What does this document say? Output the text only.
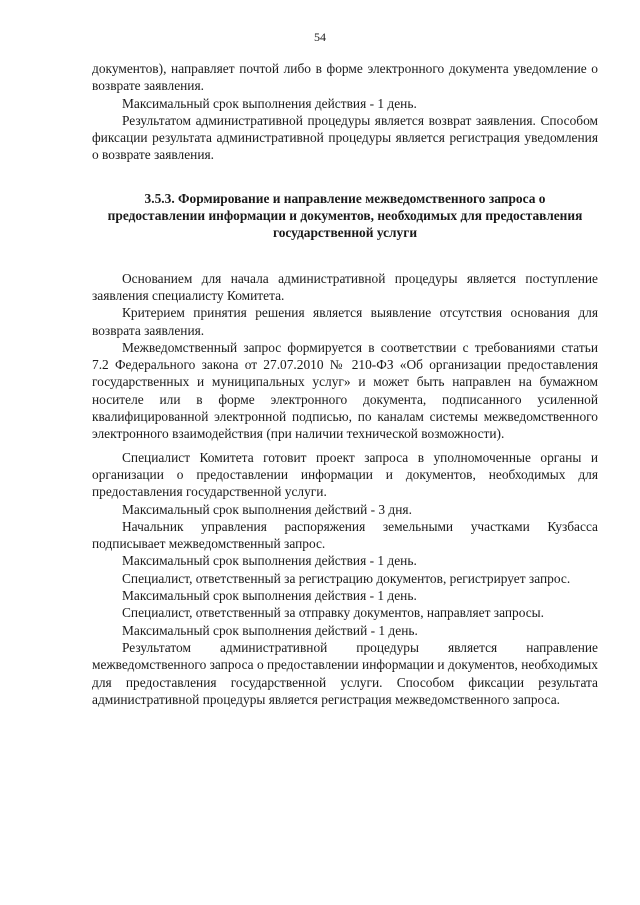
54

документов), направляет почтой либо в форме электронного документа уведомление о возврате заявления.

Максимальный срок выполнения действия - 1 день.

Результатом административной процедуры является возврат заявления. Способом фиксации результата административной процедуры является регистрация уведомления о возврате заявления.

3.5.3. Формирование и направление межведомственного запроса о предоставлении информации и документов, необходимых для предоставления государственной услуги

Основанием для начала административной процедуры является поступление заявления специалисту Комитета.

Критерием принятия решения является выявление отсутствия основания для возврата заявления.

Межведомственный запрос формируется в соответствии с требованиями статьи 7.2 Федерального закона от 27.07.2010 № 210-ФЗ «Об организации предоставления государственных и муниципальных услуг» и может быть направлен на бумажном носителе или в форме электронного документа, подписанного усиленной квалифицированной электронной подписью, по каналам системы межведомственного электронного взаимодействия (при наличии технической возможности).

Специалист Комитета готовит проект запроса в уполномоченные органы и организации о предоставлении информации и документов, необходимых для предоставления государственной услуги.

Максимальный срок выполнения действий - 3 дня.

Начальник управления распоряжения земельными участками Кузбасса подписывает межведомственный запрос.

Максимальный срок выполнения действия - 1 день.

Специалист, ответственный за регистрацию документов, регистрирует запрос.

Максимальный срок выполнения действия - 1 день.

Специалист, ответственный за отправку документов, направляет запросы.

Максимальный срок выполнения действий - 1 день.

Результатом административной процедуры является направление межведомственного запроса о предоставлении информации и документов, необходимых для предоставления государственной услуги. Способом фиксации результата административной процедуры является регистрация межведомственного запроса.
